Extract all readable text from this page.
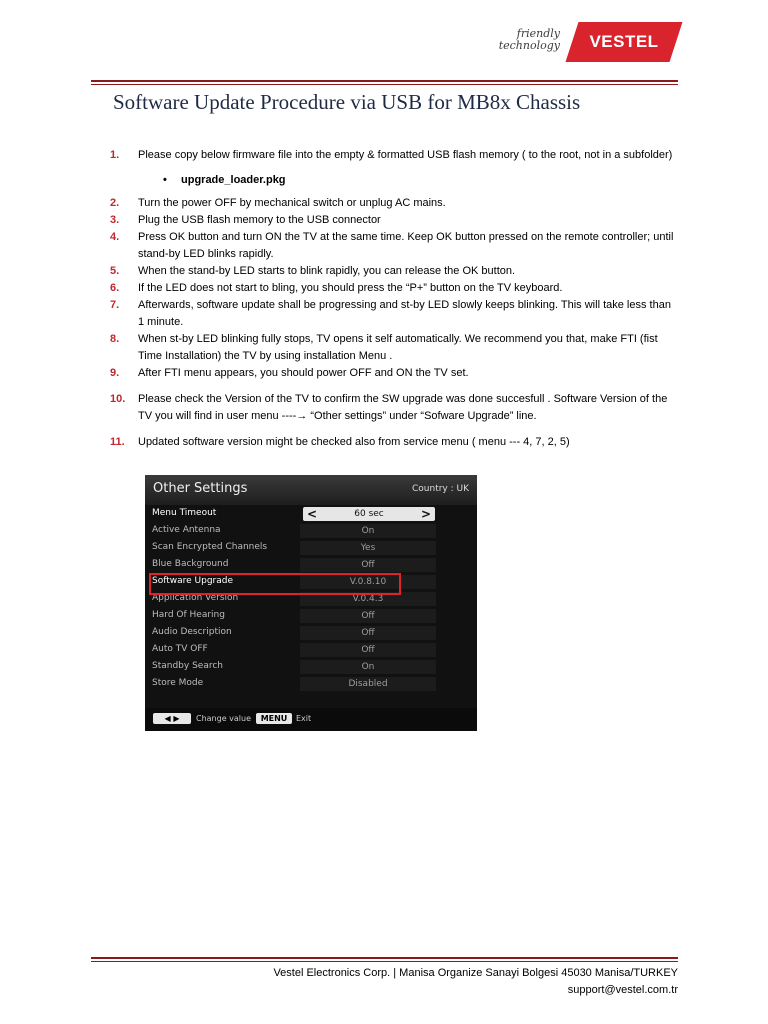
friendly
technology	VESTEL
Software Update Procedure via USB for MB8x Chassis
1.	Please copy below firmware file into the empty & formatted USB flash memory ( to the root, not in a subfolder)
• upgrade_loader.pkg
2.	Turn the power OFF by mechanical switch or unplug AC mains.
3.	Plug the USB flash memory to the USB connector
4.	Press OK button and turn ON the TV at the same time. Keep OK button pressed on the remote controller; until stand-by LED blinks rapidly.
5.	When the stand-by LED starts to blink rapidly, you can release the OK button.
6.	If the LED does not start to bling, you should press the “P+” button on the TV keyboard.
7.	Afterwards, software update shall be progressing and st-by LED slowly keeps blinking. This will take less than 1 minute.
8.	When st-by LED blinking fully stops, TV opens it self automatically. We recommend you that, make FTI (fist Time Installation) the TV by using installation Menu .
9.	After FTI menu appears, you should power OFF and ON the TV set.
10.	Please check the Version of the TV to confirm the SW upgrade was done succesfull . Software Version of the TV you will find in user menu ----→ “Other settings” under “Sofware Upgrade” line.
11.	Updated software version might be checked also from service menu ( menu --- 4, 7, 2, 5)
Other Settings	Country : UK
Menu Timeout	<	60 sec	>
Active Antenna	On
Scan Encrypted Channels	Yes
Blue Background	Off
Software Upgrade	V.0.8.10
Application Version	V.0.4.3
Hard Of Hearing	Off
Audio Description	Off
Auto TV OFF	Off
Standby Search	On
Store Mode	Disabled
◀ ▶	Change value	MENU	Exit
Vestel Electronics Corp. | Manisa Organize Sanayi Bolgesi 45030 Manisa/TURKEY
support@vestel.com.tr
